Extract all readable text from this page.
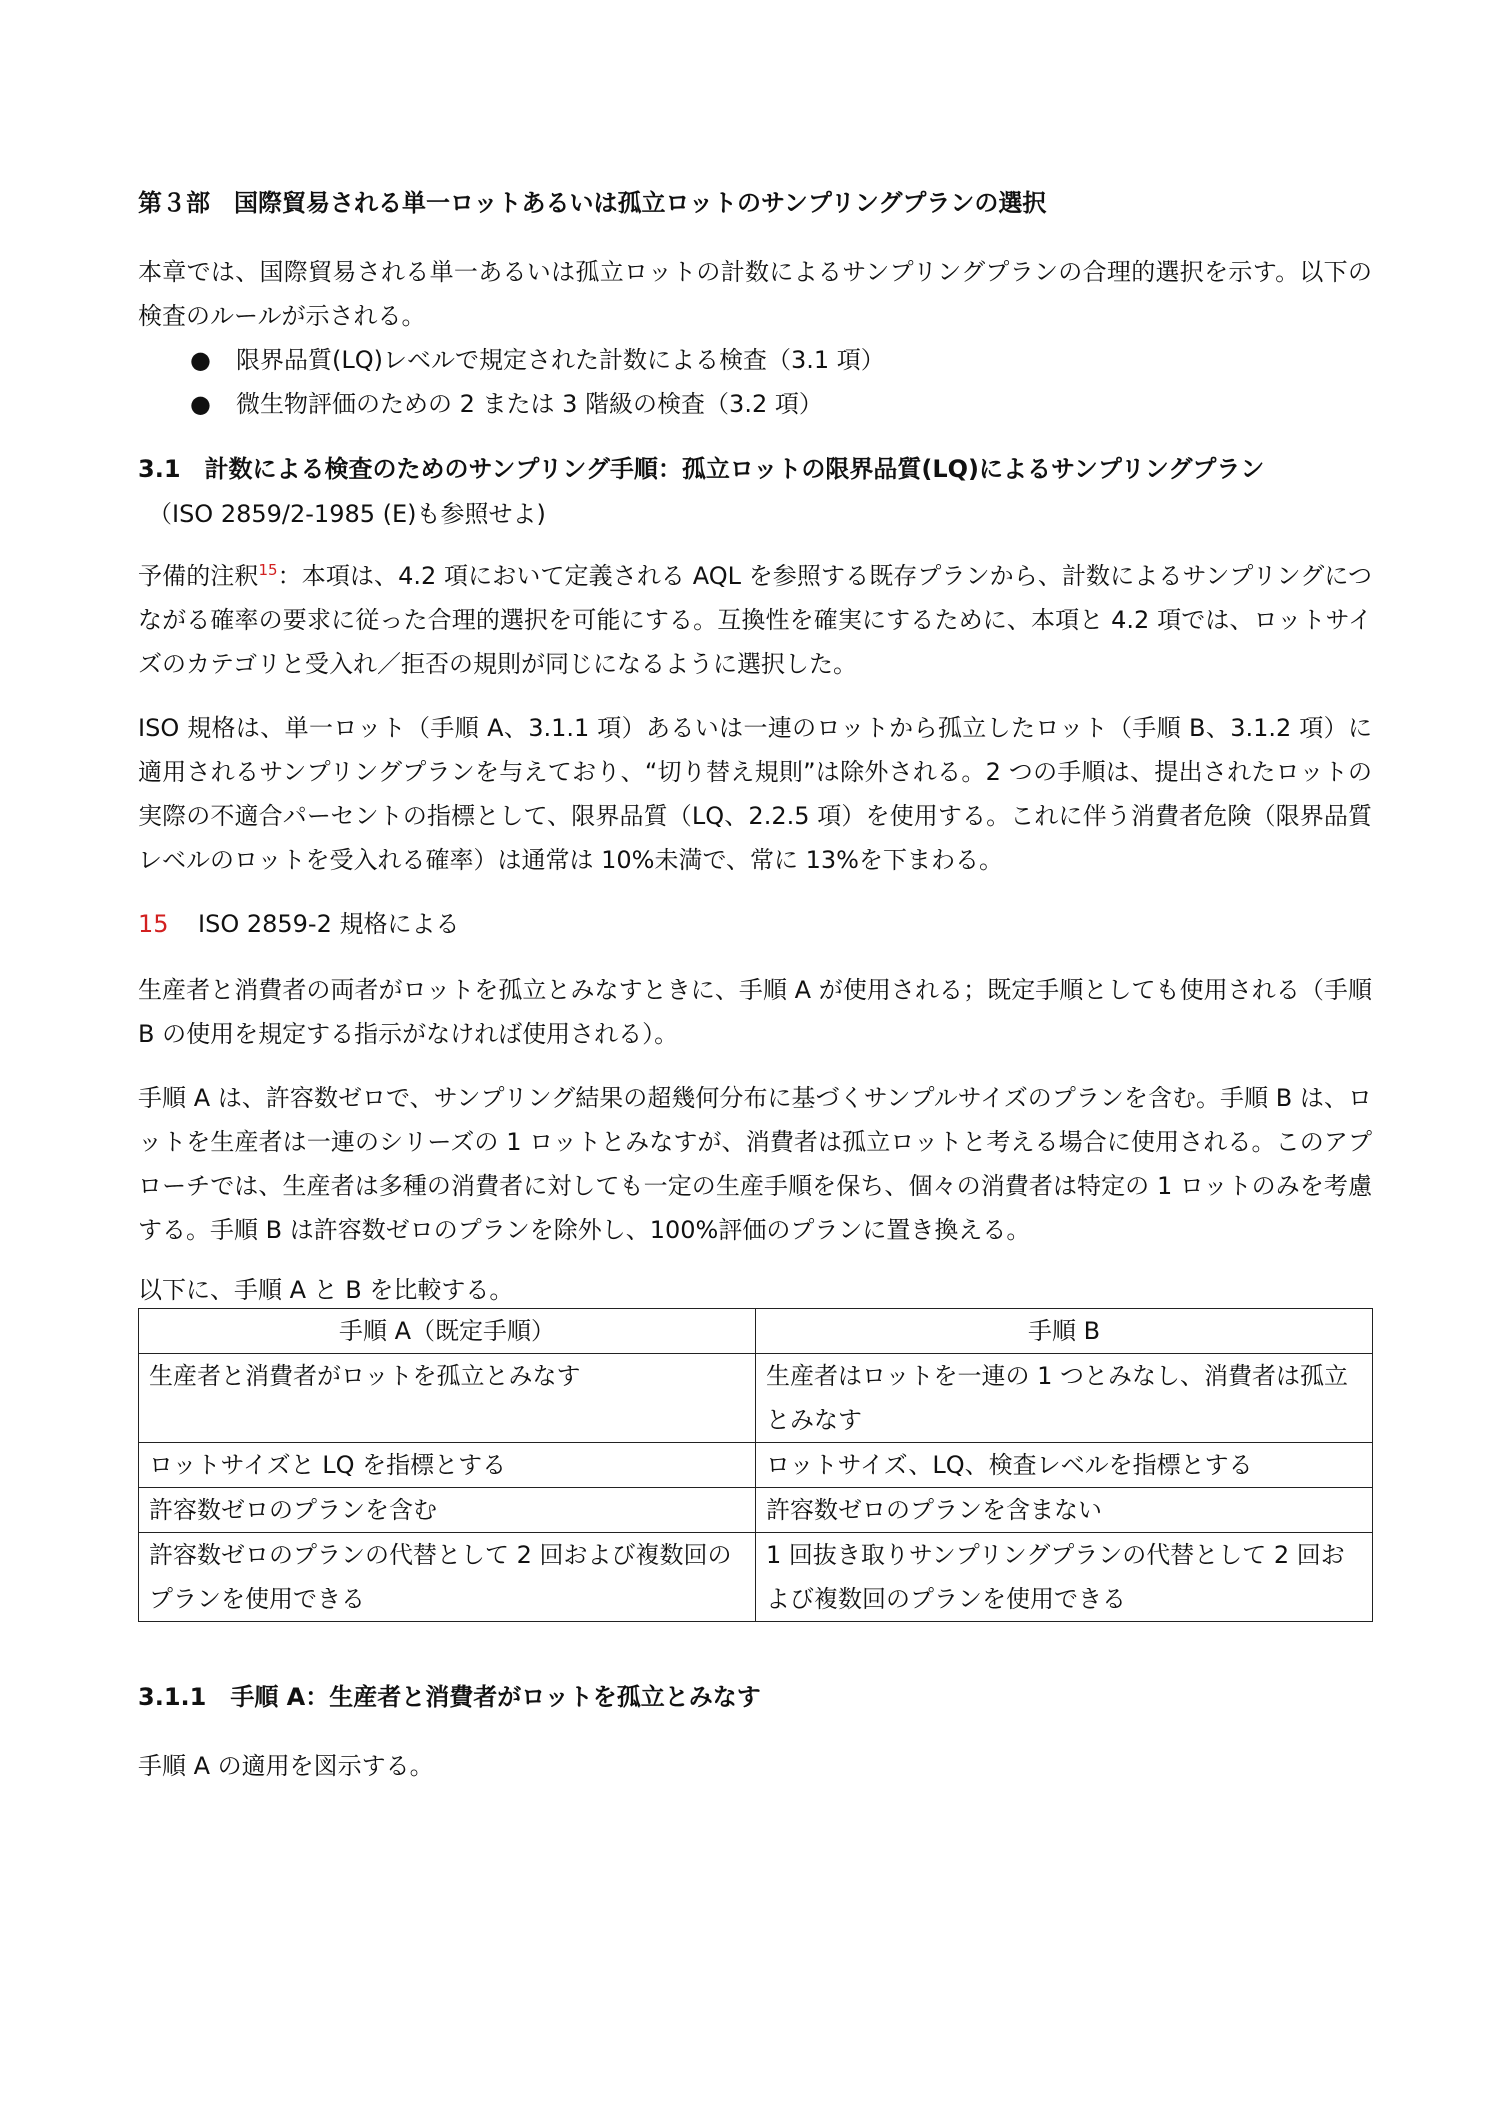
第３部　国際貿易される単一ロットあるいは孤立ロットのサンプリングプランの選択

本章では、国際貿易される単一あるいは孤立ロットの計数によるサンプリングプランの合理的選択を示す。以下の検査のルールが示される。

●	限界品質(LQ)レベルで規定された計数による検査（3.1 項）
●	微生物評価のための 2 または 3 階級の検査（3.2 項）
3.1　計数による検査のためのサンプリング手順：孤立ロットの限界品質(LQ)によるサンプリングプラン
（ISO 2859/2-1985 (E)も参照せよ)

予備的注釈$^{15}$：本項は、4.2 項において定義される AQL を参照する既存プランから、計数によるサンプリングにつながる確率の要求に従った合理的選択を可能にする。互換性を確実にするために、本項と 4.2 項では、ロットサイズのカテゴリと受入れ／拒否の規則が同じになるように選択した。

ISO 規格は、単一ロット（手順 A、3.1.1 項）あるいは一連のロットから孤立したロット（手順 B、3.1.2 項）に適用されるサンプリングプランを与えており、“切り替え規則”は除外される。2 つの手順は、提出されたロットの実際の不適合パーセントの指標として、限界品質（LQ、2.2.5 項）を使用する。これに伴う消費者危険（限界品質レベルのロットを受入れる確率）は通常は 10%未満で、常に 13%を下まわる。

15 ISO 2859-2 規格による

生産者と消費者の両者がロットを孤立とみなすときに、手順 A が使用される；既定手順としても使用される（手順 B の使用を規定する指示がなければ使用される）。

手順 A は、許容数ゼロで、サンプリング結果の超幾何分布に基づくサンプルサイズのプランを含む。手順 B は、ロットを生産者は一連のシリーズの 1 ロットとみなすが、消費者は孤立ロットと考える場合に使用される。このアプローチでは、生産者は多種の消費者に対しても一定の生産手順を保ち、個々の消費者は特定の 1 ロットのみを考慮する。手順 B は許容数ゼロのプランを除外し、100%評価のプランに置き換える。

以下に、手順 A と B を比較する。
手順 A（既定手順）	手順 B
生産者と消費者がロットを孤立とみなす	生産者はロットを一連の 1 つとみなし、消費者は孤立とみなす
ロットサイズと LQ を指標とする	ロットサイズ、LQ、検査レベルを指標とする
許容数ゼロのプランを含む	許容数ゼロのプランを含まない
許容数ゼロのプランの代替として 2 回および複数回のプランを使用できる	1 回抜き取りサンプリングプランの代替として 2 回および複数回のプランを使用できる
3.1.1　手順 A：生産者と消費者がロットを孤立とみなす

手順 A の適用を図示する。
